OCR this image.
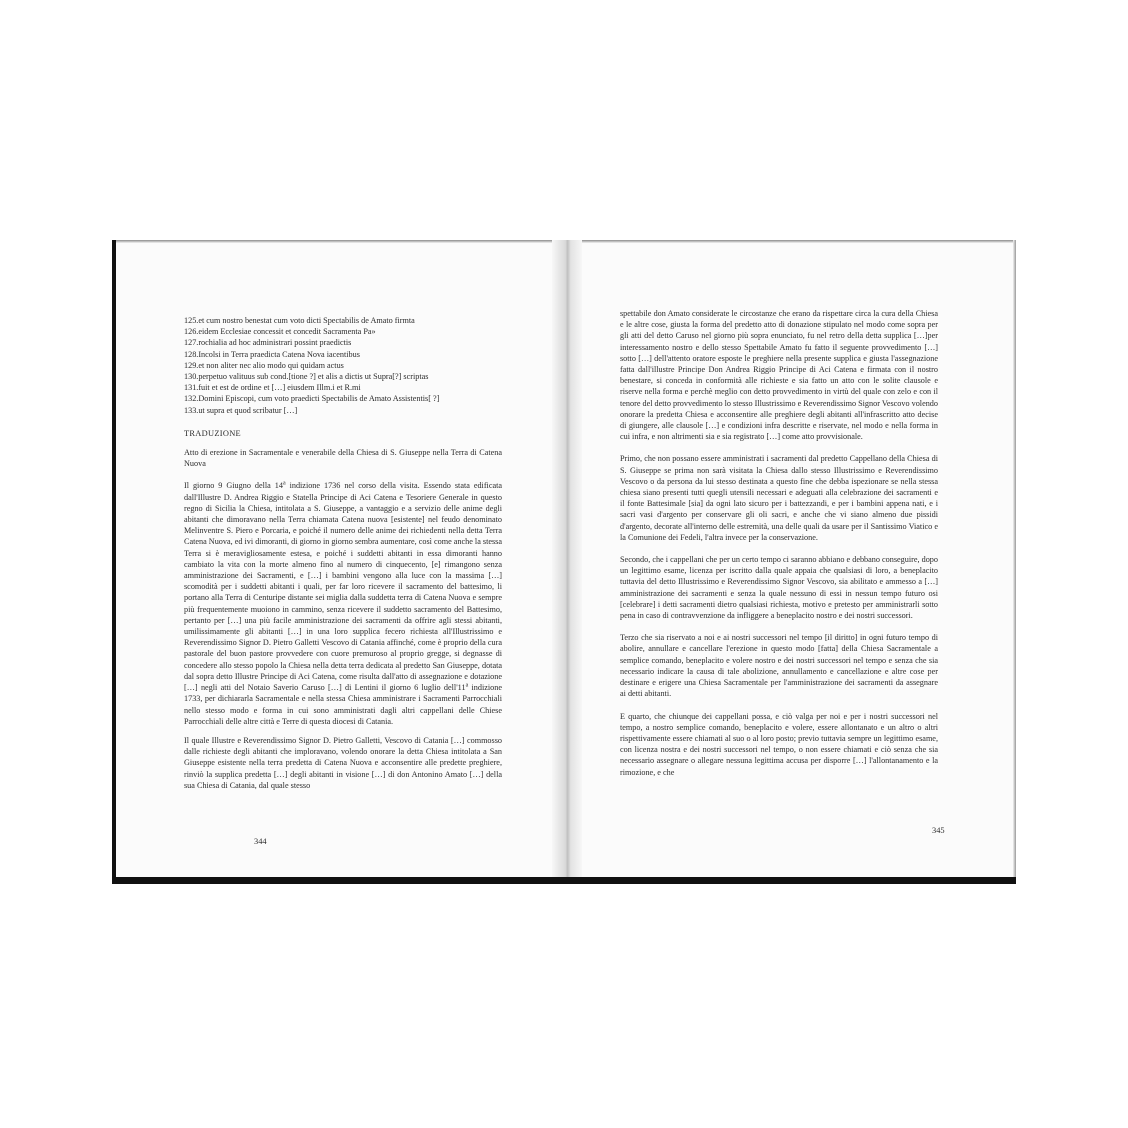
125.et cum nostro benestat cum voto dicti Spectabilis de Amato firmta
126.eidem Ecclesiae concessit et concedit Sacramenta Pa»
127.rochialia ad hoc administrari possint praedictis
128.Incolsi in Terra praedicta Catena Nova iacentibus
129.et non aliter nec alio modo qui quidam actus
130.perpetuo valituus sub cond.[tione ?] et alis a dictis ut Supra[?] scriptas
131.fuit et est de ordine et […] eiusdem Illm.i et R.mi
132.Domini Episcopi, cum voto praedicti Spectabilis de Amato Assistentis[ ?]
133.ut supra et quod scribatur […]
TRADUZIONE

Atto di erezione in Sacramentale e venerabile della Chiesa di S. Giuseppe nella Terra di Catena Nuova

Il giorno 9 Giugno della 14$^a$ indizione 1736 nel corso della visita. Essendo stata edificata dall'Illustre D. Andrea Riggio e Statella Principe di Aci Catena e Tesoriere Generale in questo regno di Sicilia la Chiesa, intitolata a S. Giuseppe, a vantaggio e a servizio delle anime degli abitanti che dimoravano nella Terra chiamata Catena nuova [esistente] nel feudo denominato Melinventre S. Piero e Porcaria, e poiché il numero delle anime dei richiedenti nella detta Terra Catena Nuova, ed ivi dimoranti, di giorno in giorno sembra aumentare, così come anche la stessa Terra si è meravigliosamente estesa, e poiché i suddetti abitanti in essa dimoranti hanno cambiato la vita con la morte almeno fino al numero di cinquecento, [e] rimangono senza amministrazione dei Sacramenti, e […] i bambini vengono alla luce con la massima […] scomodità per i suddetti abitanti i quali, per far loro ricevere il sacramento del battesimo, li portano alla Terra di Centuripe distante sei miglia dalla suddetta terra di Catena Nuova e sempre più frequentemente muoiono in cammino, senza ricevere il suddetto sacramento del Battesimo, pertanto per […] una più facile amministrazione dei sacramenti da offrire agli stessi abitanti, umilissimamente gli abitanti […] in una loro supplica fecero richiesta all'Illustrissimo e Reverendissimo Signor D. Pietro Galletti Vescovo di Catania affinché, come è proprio della cura pastorale del buon pastore provvedere con cuore premuroso al proprio gregge, si degnasse di concedere allo stesso popolo la Chiesa nella detta terra dedicata al predetto San Giuseppe, dotata dal sopra detto Illustre Principe di Aci Catena, come risulta dall'atto di assegnazione e dotazione […] negli atti del Notaio Saverio Caruso […] di Lentini il giorno 6 luglio dell'11$^a$ indizione 1733, per dichiararla Sacramentale e nella stessa Chiesa amministrare i Sacramenti Parrocchiali nello stesso modo e forma in cui sono amministrati dagli altri cappellani delle Chiese Parrocchiali delle altre città e Terre di questa diocesi di Catania.

Il quale Illustre e Reverendissimo Signor D. Pietro Galletti, Vescovo di Catania […] commosso dalle richieste degli abitanti che imploravano, volendo onorare la detta Chiesa intitolata a San Giuseppe esistente nella terra predetta di Catena Nuova e acconsentire alle predette preghiere, rinviò la supplica predetta […] degli abitanti in visione […] di don Antonino Amato […] della sua Chiesa di Catania, dal quale stesso

344

spettabile don Amato considerate le circostanze che erano da rispettare circa la cura della Chiesa e le altre cose, giusta la forma del predetto atto di donazione stipulato nel modo come sopra per gli atti del detto Caruso nel giorno più sopra enunciato, fu nel retro della detta supplica […]per interessamento nostro e dello stesso Spettabile Amato fu fatto il seguente provvedimento […] sotto […] dell'attento oratore esposte le preghiere nella presente supplica e giusta l'assegnazione fatta dall'illustre Principe Don Andrea Riggio Principe di Aci Catena e firmata con il nostro benestare, si conceda in conformità alle richieste e sia fatto un atto con le solite clausole e riserve nella forma e perchè meglio con detto provvedimento in virtù del quale con zelo e con il tenore del detto provvedimento lo stesso Illustrissimo e Reverendissimo Signor Vescovo volendo onorare la predetta Chiesa e acconsentire alle preghiere degli abitanti all'infrascritto atto decise di giungere, alle clausole […] e condizioni infra descritte e riservate, nel modo e nella forma in cui infra, e non altrimenti sia e sia registrato […] come atto provvisionale.

Primo, che non possano essere amministrati i sacramenti dal predetto Cappellano della Chiesa di S. Giuseppe se prima non sarà visitata la Chiesa dallo stesso Illustrissimo e Reverendissimo Vescovo o da persona da lui stesso destinata a questo fine che debba ispezionare se nella stessa chiesa siano presenti tutti quegli utensili necessari e adeguati alla celebrazione dei sacramenti e il fonte Battesimale [sia] da ogni lato sicuro per i battezzandi, e per i bambini appena nati, e i sacri vasi d'argento per conservare gli oli sacri, e anche che vi siano almeno due pissidi d'argento, decorate all'interno delle estremità, una delle quali da usare per il Santissimo Viatico e la Comunione dei Fedeli, l'altra invece per la conservazione.

Secondo, che i cappellani che per un certo tempo ci saranno abbiano e debbano conseguire, dopo un legittimo esame, licenza per iscritto dalla quale appaia che qualsiasi di loro, a beneplacito tuttavia del detto Illustrissimo e Reverendissimo Signor Vescovo, sia abilitato e ammesso a […] amministrazione dei sacramenti e senza la quale nessuno di essi in nessun tempo futuro osi [celebrare] i detti sacramenti dietro qualsiasi richiesta, motivo e pretesto per amministrarli sotto pena in caso di contravvenzione da infliggere a beneplacito nostro e dei nostri successori.

Terzo che sia riservato a noi e ai nostri successori nel tempo [il diritto] in ogni futuro tempo di abolire, annullare e cancellare l'erezione in questo modo [fatta] della Chiesa Sacramentale a semplice comando, beneplacito e volere nostro e dei nostri successori nel tempo e senza che sia necessario indicare la causa di tale abolizione, annullamento e cancellazione e altre cose per destinare e erigere una Chiesa Sacramentale per l'amministrazione dei sacramenti da assegnare ai detti abitanti.

E quarto, che chiunque dei cappellani possa, e ciò valga per noi e per i nostri successori nel tempo, a nostro semplice comando, beneplacito e volere, essere allontanato e un altro o altri rispettivamente essere chiamati al suo o al loro posto; previo tuttavia sempre un legittimo esame, con licenza nostra e dei nostri successori nel tempo, o non essere chiamati e ciò senza che sia necessario assegnare o allegare nessuna legittima accusa per disporre […] l'allontanamento e la rimozione, e che

345
